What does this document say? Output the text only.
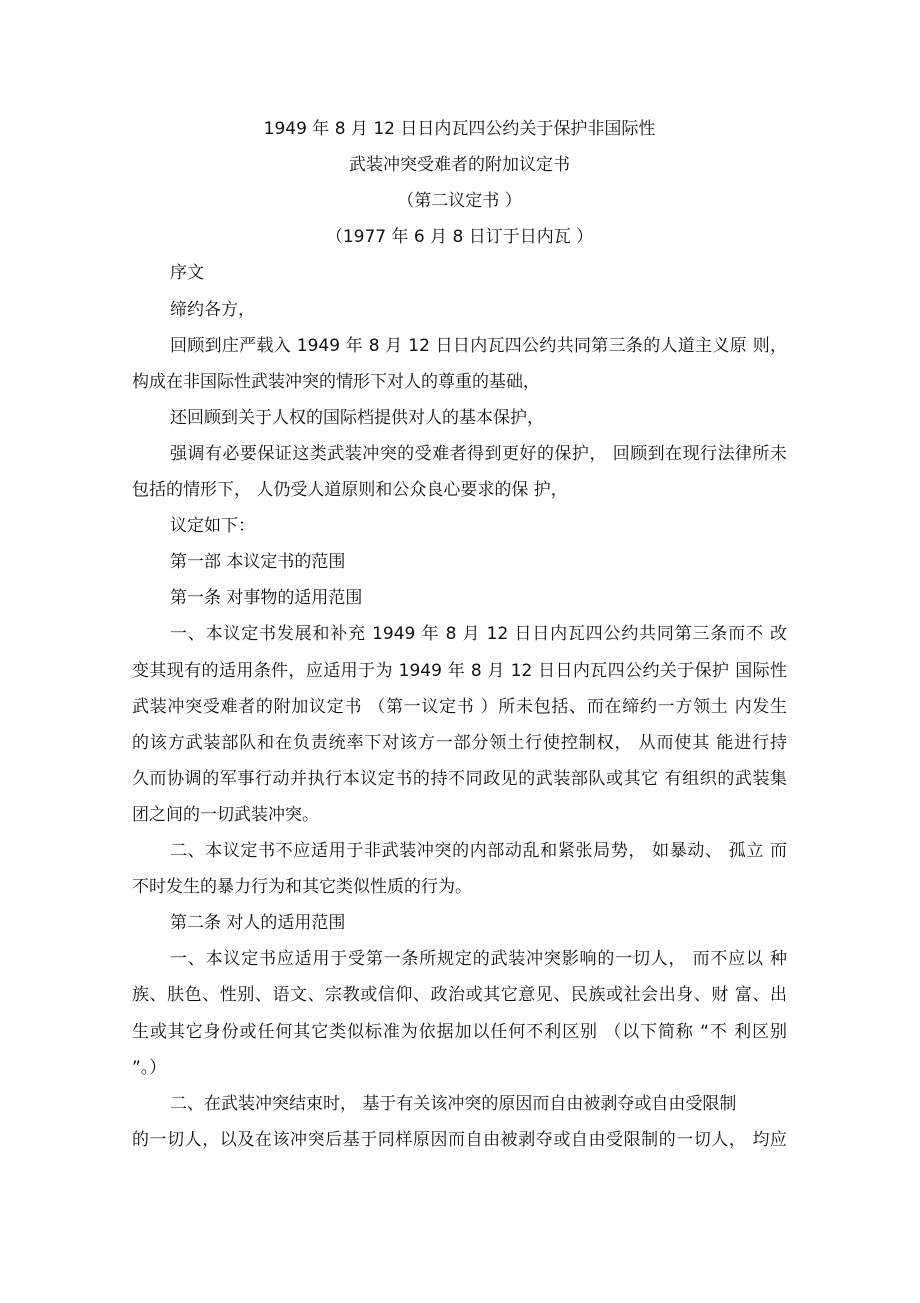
1949 年 8 月 12 日日内瓦四公约关于保护非国际性
武装冲突受难者的附加议定书
（第二议定书 ）
（1977 年 6 月 8 日订于日内瓦 ）
序文
缔约各方，
回顾到庄严载入 1949 年 8 月 12 日日内瓦四公约共同第三条的人道主义原 则，
构成在非国际性武装冲突的情形下对人的尊重的基础，
还回顾到关于人权的国际档提供对人的基本保护，
强调有必要保证这类武装冲突的受难者得到更好的保护， 回顾到在现行法律所未
包括的情形下， 人仍受人道原则和公众良心要求的保 护，
议定如下：
第一部 本议定书的范围
第一条 对事物的适用范围
一、本议定书发展和补充 1949 年 8 月 12 日日内瓦四公约共同第三条而不 改
变其现有的适用条件，应适用于为 1949 年 8 月 12 日日内瓦四公约关于保护 国际性
武装冲突受难者的附加议定书 （第一议定书 ）所未包括、而在缔约一方领土 内发生
的该方武装部队和在负责统率下对该方一部分领土行使控制权， 从而使其 能进行持
久而协调的军事行动并执行本议定书的持不同政见的武装部队或其它 有组织的武装集
团之间的一切武装冲突。
二、本议定书不应适用于非武装冲突的内部动乱和紧张局势， 如暴动、 孤立 而
不时发生的暴力行为和其它类似性质的行为。
第二条 对人的适用范围
一、本议定书应适用于受第一条所规定的武装冲突影响的一切人， 而不应以 种
族、肤色、性别、语文、宗教或信仰、政治或其它意见、民族或社会出身、财 富、出
生或其它身份或任何其它类似标准为依据加以任何不利区别 （以下简称 “不 利区别
”。）
二、在武装冲突结束时， 基于有关该冲突的原因而自由被剥夺或自由受限制
的一切人，以及在该冲突后基于同样原因而自由被剥夺或自由受限制的一切人， 均应
